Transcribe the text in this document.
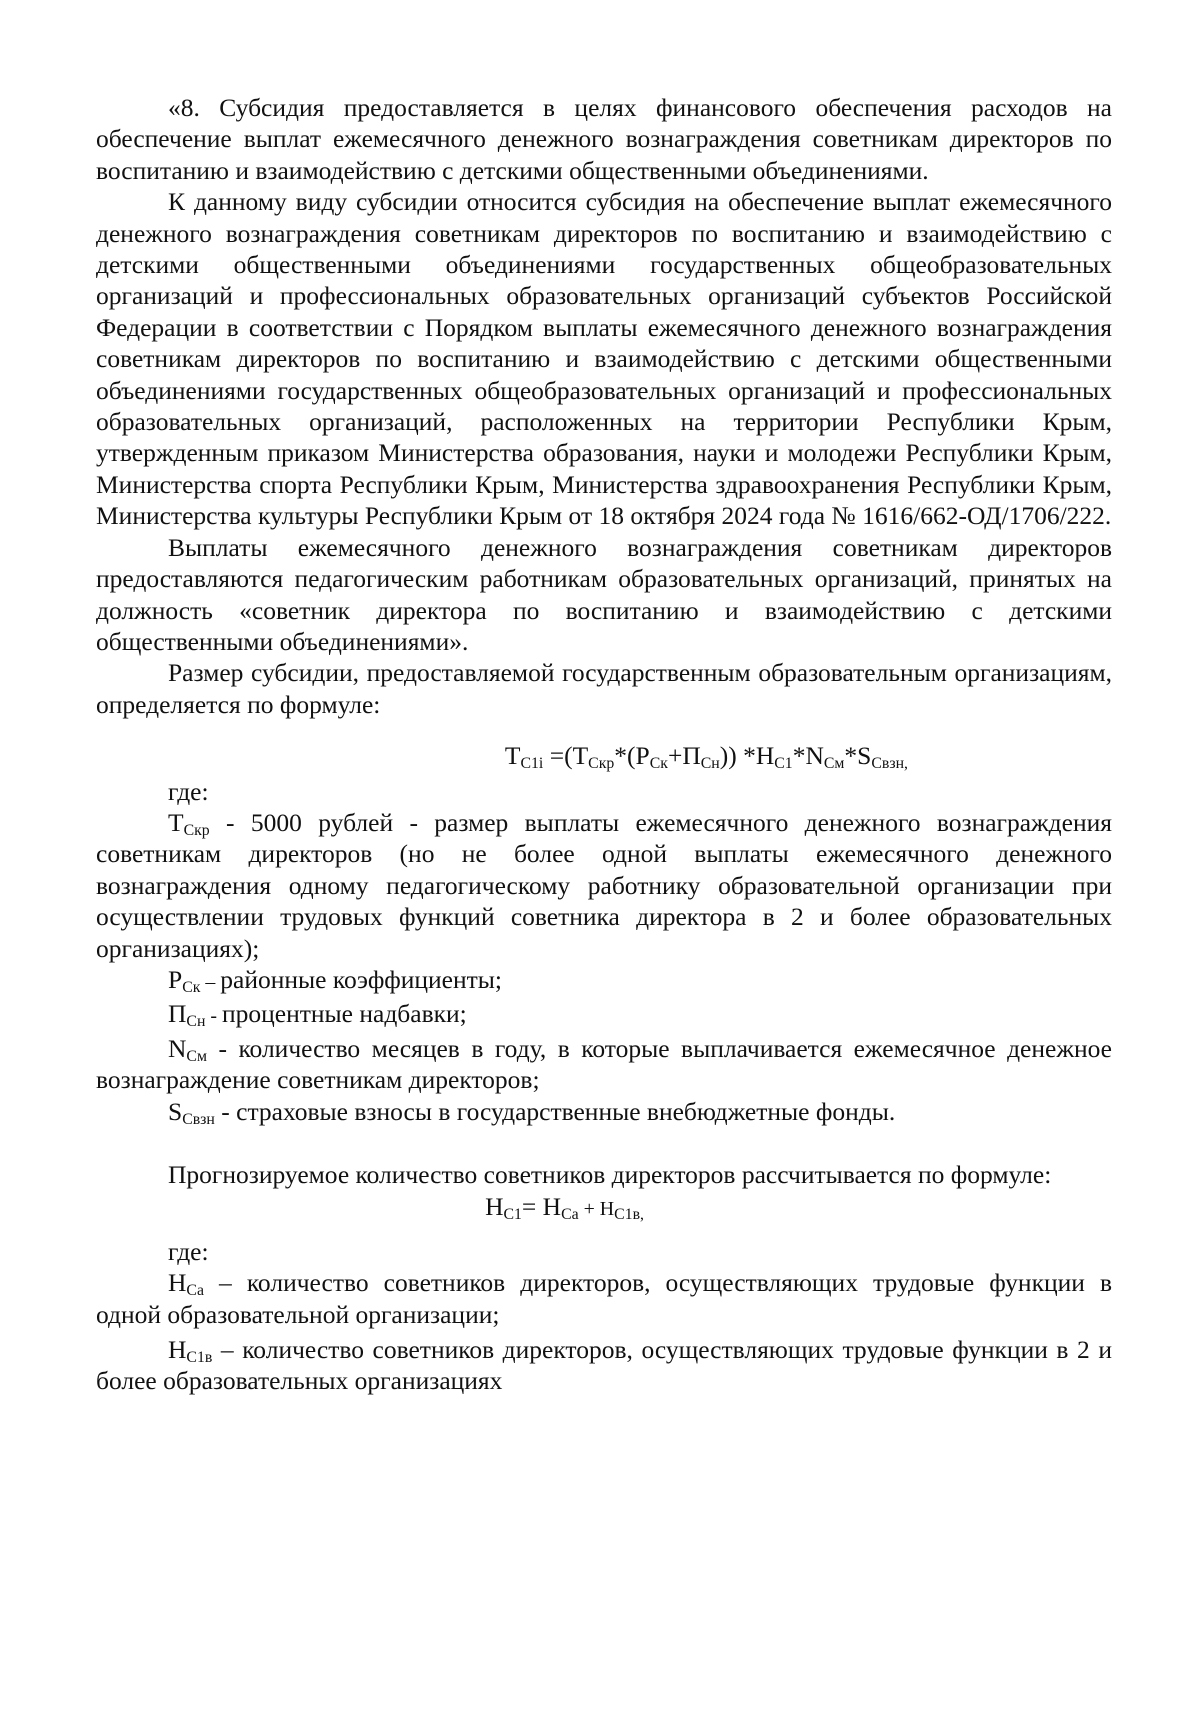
«8. Субсидия предоставляется в целях финансового обеспечения расходов на обеспечение выплат ежемесячного денежного вознаграждения советникам директоров по воспитанию и взаимодействию с детскими общественными объединениями.

К данному виду субсидии относится субсидия на обеспечение выплат ежемесячного денежного вознаграждения советникам директоров по воспитанию и взаимодействию с детскими общественными объединениями государственных общеобразовательных организаций и профессиональных образовательных организаций субъектов Российской Федерации в соответствии с Порядком выплаты ежемесячного денежного вознаграждения советникам директоров по воспитанию и взаимодействию с детскими общественными объединениями государственных общеобразовательных организаций и профессиональных образовательных организаций, расположенных на территории Республики Крым, утвержденным приказом Министерства образования, науки и молодежи Республики Крым, Министерства спорта Республики Крым, Министерства здравоохранения Республики Крым, Министерства культуры Республики Крым от 18 октября 2024 года № 1616/662-ОД/1706/222.

Выплаты ежемесячного денежного вознаграждения советникам директоров предоставляются педагогическим работникам образовательных организаций, принятых на должность «советник директора по воспитанию и взаимодействию с детскими общественными объединениями».

Размер субсидии, предоставляемой государственным образовательным организациям, определяется по формуле:

$Т_{С1i} =(Т_{Скр}*(Р_{Ск}+П_{Сн}))$ $*Н_{С1}*N_{См}*S_{Свзн,}$

где:

$Т_{Скр} - 5000$ рублей - размер выплаты ежемесячного денежного вознаграждения советникам директоров (но не более одной выплаты ежемесячного денежного вознаграждения одному педагогическому работнику образовательной организации при осуществлении трудовых функций советника директора в 2 и более образовательных организациях);

$Р_{Ск}$ – районные коэффициенты;

$П_{Сн}$ - процентные надбавки;

$N_{См}$ - количество месяцев в году, в которые выплачивается ежемесячное денежное вознаграждение советникам директоров;

$S_{Свзн}$ - страховые взносы в государственные внебюджетные фонды.

Прогнозируемое количество советников директоров рассчитывается по формуле:

$Н_{С1}= Н_{Са} + Н_{С1в,}$

где:

$Н_{Са}$ – количество советников директоров, осуществляющих трудовые функции в одной образовательной организации;

$Н_{С1в}$ – количество советников директоров, осуществляющих трудовые функции в 2 и более образовательных организациях
